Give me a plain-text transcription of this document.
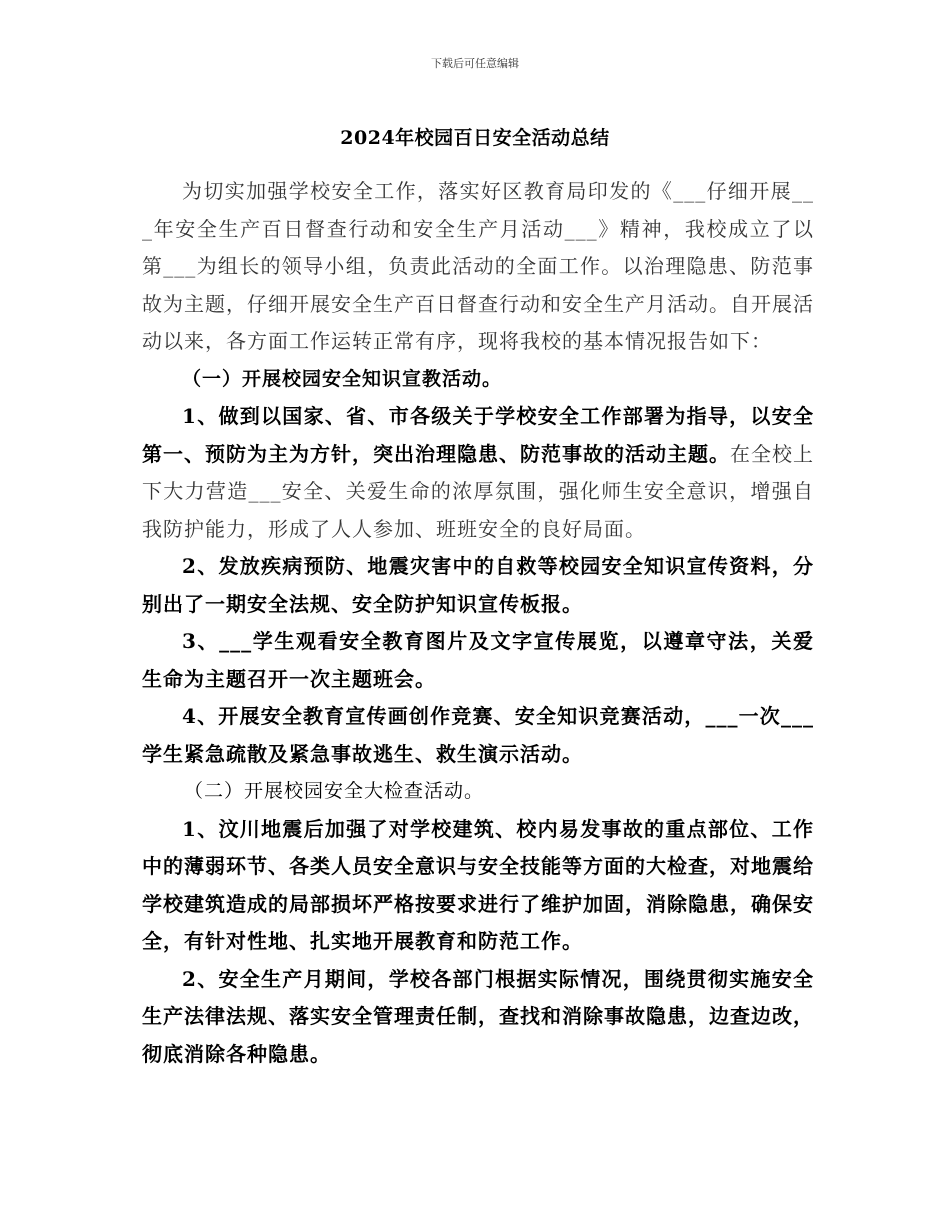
下载后可任意编辑
2024年校园百日安全活动总结

为切实加强学校安全工作，落实好区教育局印发的《___仔细开展___年安全生产百日督查行动和安全生产月活动___》精神，我校成立了以第___为组长的领导小组，负责此活动的全面工作。以治理隐患、防范事故为主题，仔细开展安全生产百日督查行动和安全生产月活动。自开展活动以来，各方面工作运转正常有序，现将我校的基本情况报告如下：

（一）开展校园安全知识宣教活动。

1、做到以国家、省、市各级关于学校安全工作部署为指导，以安全第一、预防为主为方针，突出治理隐患、防范事故的活动主题。在全校上下大力营造___安全、关爱生命的浓厚氛围，强化师生安全意识，增强自我防护能力，形成了人人参加、班班安全的良好局面。

2、发放疾病预防、地震灾害中的自救等校园安全知识宣传资料，分别出了一期安全法规、安全防护知识宣传板报。

3、___学生观看安全教育图片及文字宣传展览，以遵章守法，关爱生命为主题召开一次主题班会。

4、开展安全教育宣传画创作竞赛、安全知识竞赛活动，___一次___学生紧急疏散及紧急事故逃生、救生演示活动。

（二）开展校园安全大检查活动。

1、汶川地震后加强了对学校建筑、校内易发事故的重点部位、工作中的薄弱环节、各类人员安全意识与安全技能等方面的大检查，对地震给学校建筑造成的局部损坏严格按要求进行了维护加固，消除隐患，确保安全，有针对性地、扎实地开展教育和防范工作。

2、安全生产月期间，学校各部门根据实际情况，围绕贯彻实施安全生产法律法规、落实安全管理责任制，查找和消除事故隐患，边查边改，彻底消除各种隐患。
